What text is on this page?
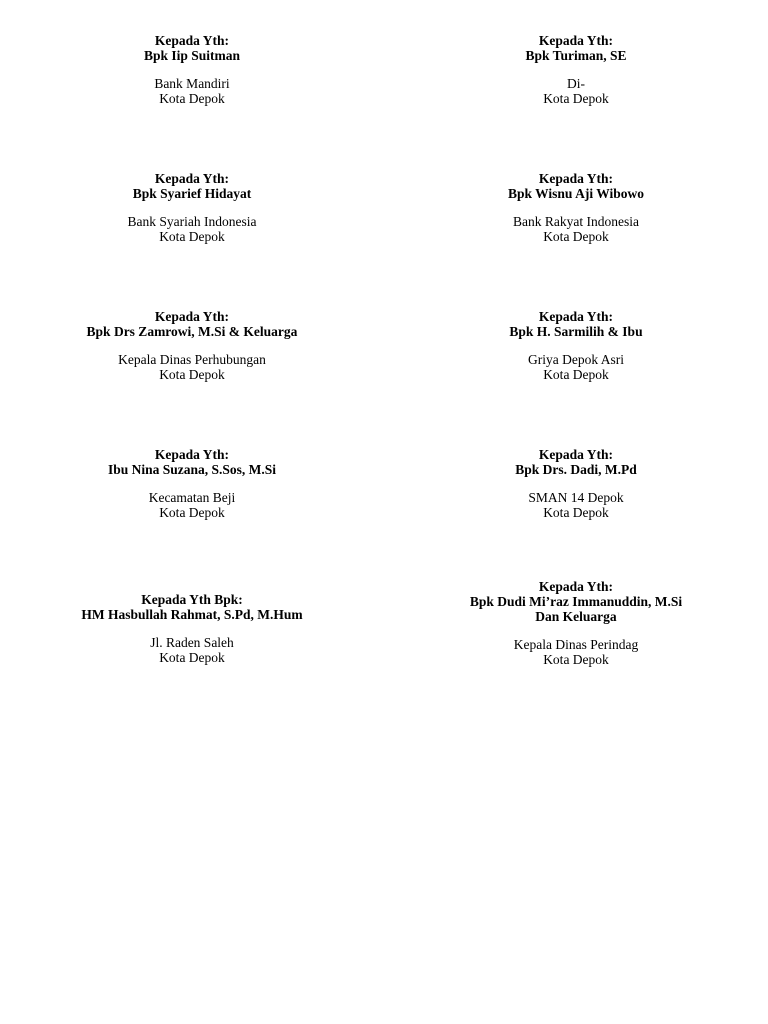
Kepada Yth:
Bpk Iip Suitman
Bank Mandiri
Kota Depok
Kepada Yth:
Bpk Turiman, SE
Di-
Kota Depok
Kepada Yth:
Bpk Syarief Hidayat
Bank Syariah Indonesia
Kota Depok
Kepada Yth:
Bpk Wisnu Aji Wibowo
Bank Rakyat Indonesia
Kota Depok
Kepada Yth:
Bpk Drs Zamrowi, M.Si & Keluarga
Kepala Dinas Perhubungan
Kota Depok
Kepada Yth:
Bpk H. Sarmilih & Ibu
Griya Depok Asri
Kota Depok
Kepada Yth:
Ibu Nina Suzana, S.Sos, M.Si
Kecamatan Beji
Kota Depok
Kepada Yth:
Bpk Drs. Dadi, M.Pd
SMAN 14 Depok
Kota Depok
Kepada Yth Bpk:
HM Hasbullah Rahmat, S.Pd, M.Hum
Jl. Raden Saleh
Kota Depok
Kepada Yth:
Bpk Dudi Mi’raz Immanuddin, M.Si
Dan Keluarga
Kepala Dinas Perindag
Kota Depok
